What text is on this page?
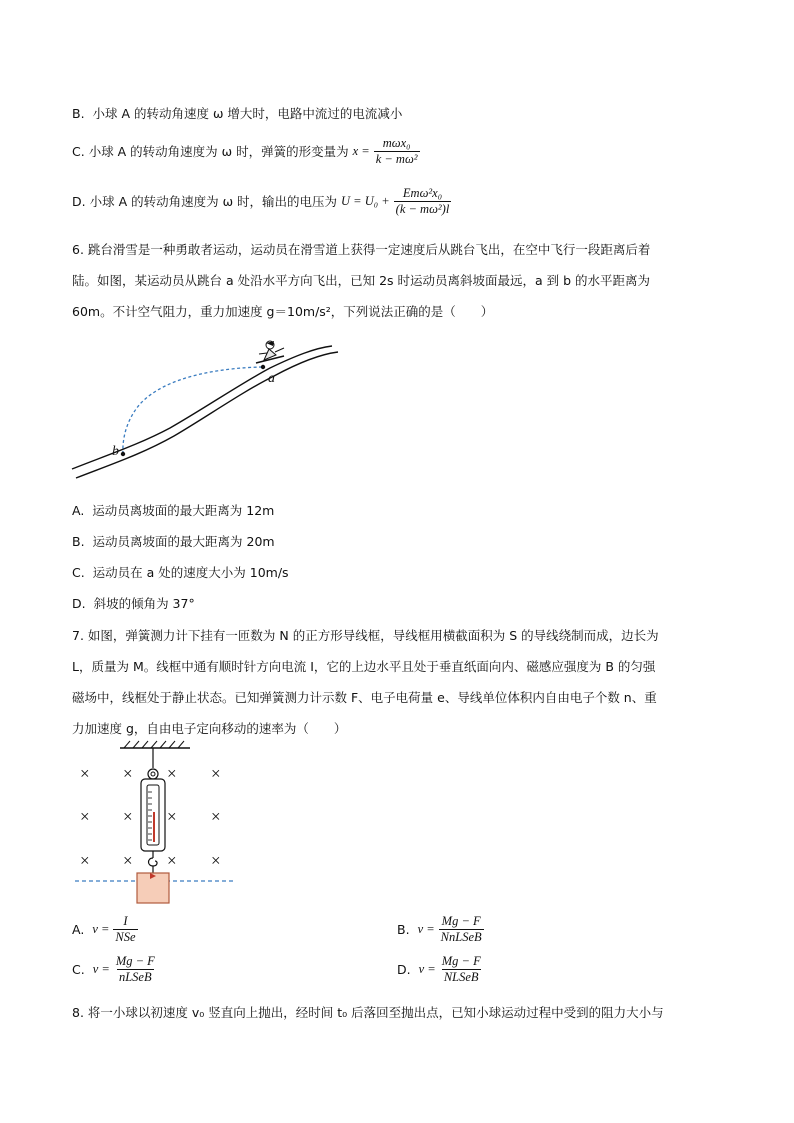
B. 小球 A 的转动角速度 ω 增大时，电路中流过的电流减小
C.
小球 A 的转动角速度为 ω 时，弹簧的形变量为
$x = \frac{\text{mωx₀}}{\text{k − mω²}}$
D.
小球 A 的转动角速度为 ω 时，输出的电压为
$U = U_0 + \frac{\text{Emω²x₀}}{\text{(k − mω²)l}}$
6. 跳台滑雪是一种勇敢者运动，运动员在滑雪道上获得一定速度后从跳台飞出，在空中飞行一段距离后着
陆。如图，某运动员从跳台 a 处沿水平方向飞出，已知 2s 时运动员离斜坡面最远，a 到 b 的水平距离为
60m。不计空气阻力，重力加速度 g＝10m/s²，下列说法正确的是（　　）
a
b
A. 运动员离坡面的最大距离为 12m
B. 运动员离坡面的最大距离为 20m
C. 运动员在 a 处的速度大小为 10m/s
D. 斜坡的倾角为 37°
7. 如图，弹簧测力计下挂有一匝数为 N 的正方形导线框，导线框用横截面积为 S 的导线绕制而成，边长为
L，质量为 M。线框中通有顺时针方向电流 I，它的上边水平且处于垂直纸面向内、磁感应强度为 B 的匀强
磁场中，线框处于静止状态。已知弹簧测力计示数 F、电子电荷量 e、导线单位体积内自由电子个数 n、重
力加速度 g，自由电子定向移动的速率为（　　）
× × × ×
× × × ×
× × × ×
A. $v = \frac{I}{\text{NSe}}$	B. $v = \frac{Mg - F}{\text{NnLSeB}}$
C. $v = \frac{Mg - F}{\text{nLSeB}}$	D. $v = \frac{Mg - F}{\text{NLSeB}}$
8. 将一小球以初速度 v₀ 竖直向上抛出，经时间 t₀ 后落回至抛出点，已知小球运动过程中受到的阻力大小与
